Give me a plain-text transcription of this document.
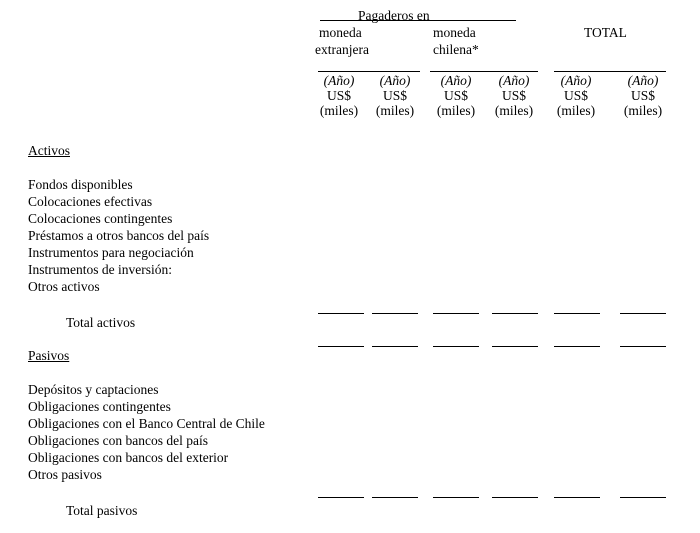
Pagaderos en
moneda
extranjera
moneda
chilena*
TOTAL
(Año)
US$
(miles)
(Año)
US$
(miles)
(Año)
US$
(miles)
(Año)
US$
(miles)
(Año)
US$
(miles)
(Año)
US$
(miles)
Activos
Fondos disponibles
Colocaciones efectivas
Colocaciones contingentes
Préstamos a otros bancos del país
Instrumentos para negociación
Instrumentos de inversión:
Otros activos
Total activos
Pasivos
Depósitos y captaciones
Obligaciones contingentes
Obligaciones con el Banco Central de Chile
Obligaciones con bancos del país
Obligaciones con bancos del exterior
Otros pasivos
Total pasivos
